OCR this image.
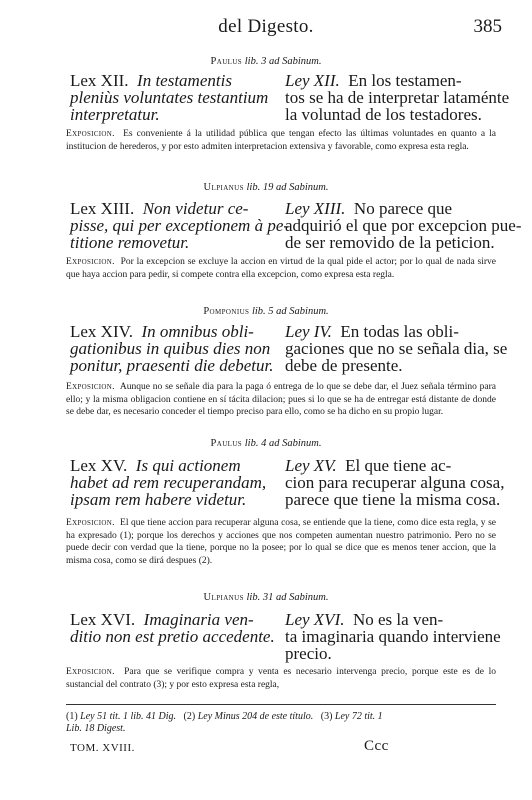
del Digesto.	385
Paulus lib. 3 ad Sabinum.
Lex XII. In testamentis
pleniùs voluntates testantium
interpretatur.
Ley XII. En los testamen-
tos se ha de interpretar lataménte
la voluntad de los testadores.
Exposicion. Es conveniente á la utilidad pública que tengan efecto las últimas voluntades en quanto a la institucion de herederos, y por esto admiten interpretacion extensiva y favorable, como expresa esta regla.
Ulpianus lib. 19 ad Sabinum.
Lex XIII. Non videtur ce-
pisse, qui per exceptionem à pe-
titione removetur.
Ley XIII. No parece que
adquirió el que por excepcion pue-
de ser removido de la peticion.
Exposicion. Por la excepcion se excluye la accion en virtud de la qual pide el actor; por lo qual de nada sirve que haya accion para pedir, si compete contra ella excepcion, como expresa esta regla.
Pomponius lib. 5 ad Sabinum.
Lex XIV. In omnibus obli-
gationibus in quibus dies non
ponitur, praesenti die debetur.
Ley IV. En todas las obli-
gaciones que no se señala dia, se
debe de presente.
Exposicion. Aunque no se señale dia para la paga ó entrega de lo que se debe dar, el Juez señala término para ello; y la misma obligacion contiene en sí tácita dilacion; pues si lo que se ha de entregar está distante de donde se debe dar, es necesario conceder el tiempo preciso para ello, como se ha dicho en su propio lugar.
Paulus lib. 4 ad Sabinum.
Lex XV. Is qui actionem
habet ad rem recuperandam,
ipsam rem habere videtur.
Ley XV. El que tiene ac-
cion para recuperar alguna cosa,
parece que tiene la misma cosa.
Exposicion. El que tiene accion para recuperar alguna cosa, se entiende que la tiene, como dice esta regla, y se ha expresado (1); porque los derechos y acciones que nos competen aumentan nuestro patrimonio. Pero no se puede decir con verdad que la tiene, porque no la posee; por lo qual se dice que es menos tener accion, que la misma cosa, como se dirá despues (2).
Ulpianus lib. 31 ad Sabinum.
Lex XVI. Imaginaria ven-
ditio non est pretio accedente.
Ley XVI. No es la ven-
ta imaginaria quando interviene
precio.
Exposicion. Para que se verifique compra y venta es necesario intervenga precio, porque este es de lo sustancial del contrato (3); y por esto expresa esta regla,
(1) Ley 51 tit. 1 lib. 41 Dig. (2) Ley Minus 204 de este título. (3) Ley 72 tit. 1
Lib. 18 Digest.
TOM. XVIII.	Ccc
